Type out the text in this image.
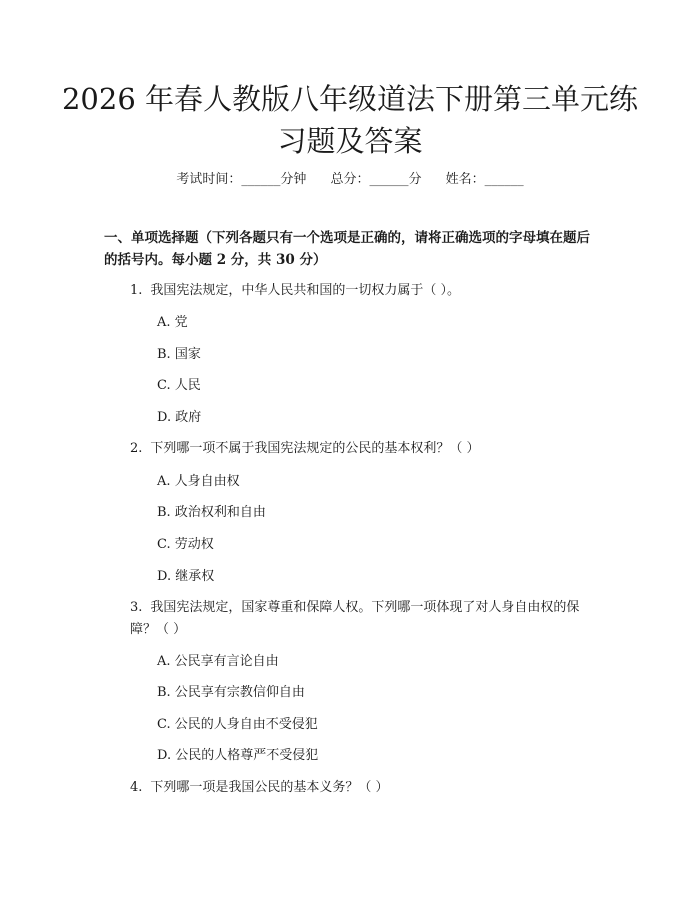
2026 年春人教版八年级道法下册第三单元练习题及答案
考试时间：______分钟 总分：______分 姓名：______
一、单项选择题（下列各题只有一个选项是正确的，请将正确选项的字母填在题后的括号内。每小题 2 分，共 30 分）
1. 我国宪法规定，中华人民共和国的一切权力属于（ ）。
A. 党
B. 国家
C. 人民
D. 政府
2. 下列哪一项不属于我国宪法规定的公民的基本权利？（ ）
A. 人身自由权
B. 政治权利和自由
C. 劳动权
D. 继承权
3. 我国宪法规定，国家尊重和保障人权。下列哪一项体现了对人身自由权的保障？（ ）
A. 公民享有言论自由
B. 公民享有宗教信仰自由
C. 公民的人身自由不受侵犯
D. 公民的人格尊严不受侵犯
4. 下列哪一项是我国公民的基本义务？（ ）
